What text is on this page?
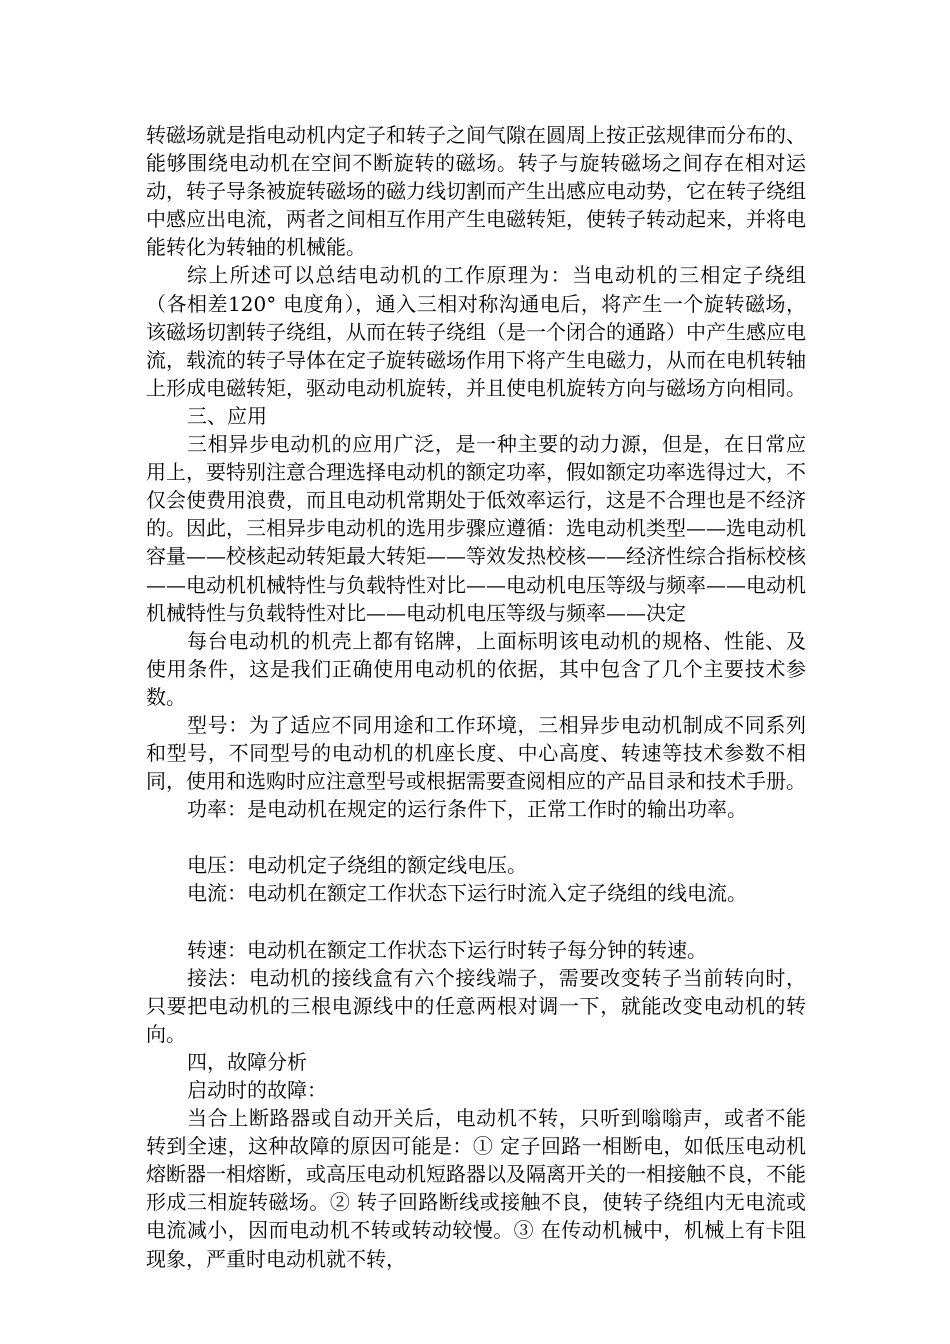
转磁场就是指电动机内定子和转子之间气隙在圆周上按正弦规律而分布的、能够围绕电动机在空间不断旋转的磁场。转子与旋转磁场之间存在相对运动，转子导条被旋转磁场的磁力线切割而产生出感应电动势，它在转子绕组中感应出电流，两者之间相互作用产生电磁转矩，使转子转动起来，并将电能转化为转轴的机械能。

综上所述可以总结电动机的工作原理为：当电动机的三相定子绕组（各相差120° 电度角），通入三相对称沟通电后，将产生一个旋转磁场，该磁场切割转子绕组，从而在转子绕组（是一个闭合的通路）中产生感应电流，载流的转子导体在定子旋转磁场作用下将产生电磁力，从而在电机转轴上形成电磁转矩，驱动电动机旋转，并且使电机旋转方向与磁场方向相同。

三、应用

三相异步电动机的应用广泛，是一种主要的动力源，但是，在日常应用上，要特别注意合理选择电动机的额定功率，假如额定功率选得过大，不仅会使费用浪费，而且电动机常期处于低效率运行，这是不合理也是不经济的。因此，三相异步电动机的选用步骤应遵循：选电动机类型——选电动机容量——校核起动转矩最大转矩——等效发热校核——经济性综合指标校核——电动机机械特性与负载特性对比——电动机电压等级与频率——电动机机械特性与负载特性对比——电动机电压等级与频率——决定

每台电动机的机壳上都有铭牌，上面标明该电动机的规格、性能、及使用条件，这是我们正确使用电动机的依据，其中包含了几个主要技术参数。

型号：为了适应不同用途和工作环境，三相异步电动机制成不同系列和型号，不同型号的电动机的机座长度、中心高度、转速等技术参数不相同，使用和选购时应注意型号或根据需要查阅相应的产品目录和技术手册。

功率：是电动机在规定的运行条件下，正常工作时的输出功率。

电压：电动机定子绕组的额定线电压。

电流：电动机在额定工作状态下运行时流入定子绕组的线电流。

转速：电动机在额定工作状态下运行时转子每分钟的转速。

接法：电动机的接线盒有六个接线端子，需要改变转子当前转向时，只要把电动机的三根电源线中的任意两根对调一下，就能改变电动机的转向。

四，故障分析

启动时的故障：

当合上断路器或自动开关后，电动机不转，只听到嗡嗡声，或者不能转到全速，这种故障的原因可能是：① 定子回路一相断电，如低压电动机熔断器一相熔断，或高压电动机短路器以及隔离开关的一相接触不良，不能形成三相旋转磁场。② 转子回路断线或接触不良，使转子绕组内无电流或电流减小，因而电动机不转或转动较慢。③ 在传动机械中，机械上有卡阻现象，严重时电动机就不转，
